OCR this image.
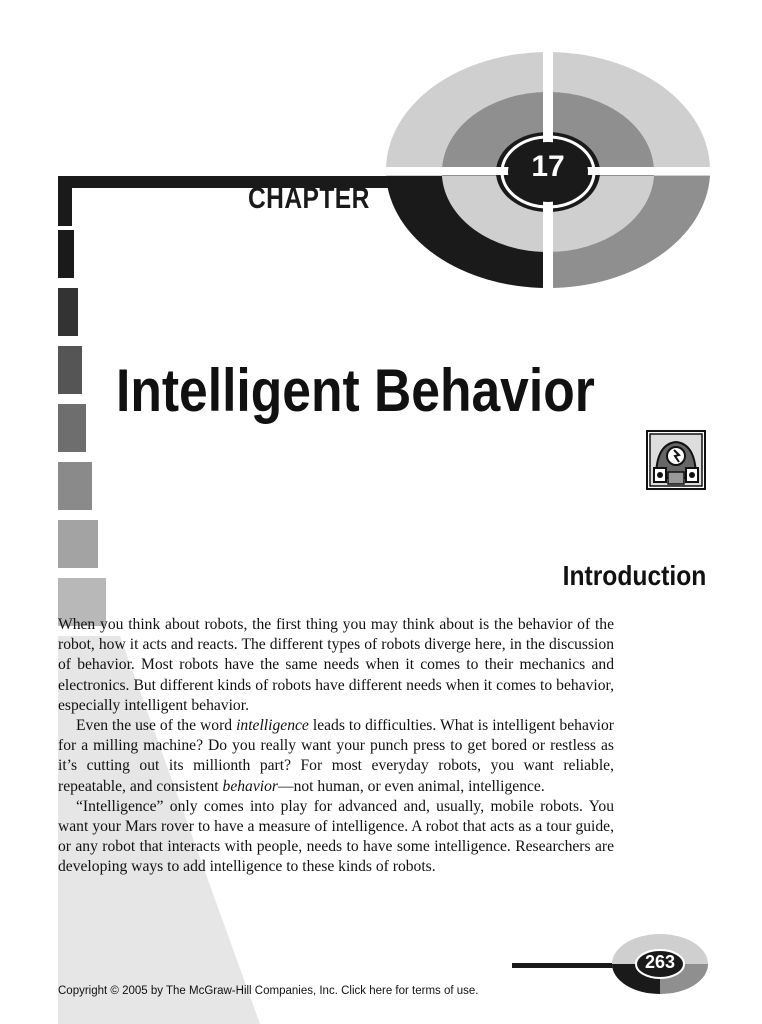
CHAPTER
17
Intelligent Behavior
Introduction

When you think about robots, the first thing you may think about is the behavior of the robot, how it acts and reacts. The different types of robots diverge here, in the discussion of behavior. Most robots have the same needs when it comes to their mechanics and electronics. But different kinds of robots have different needs when it comes to behavior, especially intelligent behavior.

Even the use of the word intelligence leads to difficulties. What is intelligent behavior for a milling machine? Do you really want your punch press to get bored or restless as it’s cutting out its millionth part? For most everyday robots, you want reliable, repeatable, and consistent behavior—not human, or even animal, intelligence.

“Intelligence” only comes into play for advanced and, usually, mobile robots. You want your Mars rover to have a measure of intelligence. A robot that acts as a tour guide, or any robot that interacts with people, needs to have some intelligence. Researchers are developing ways to add intelligence to these kinds of robots.

263
Copyright © 2005 by The McGraw-Hill Companies, Inc. Click here for terms of use.
